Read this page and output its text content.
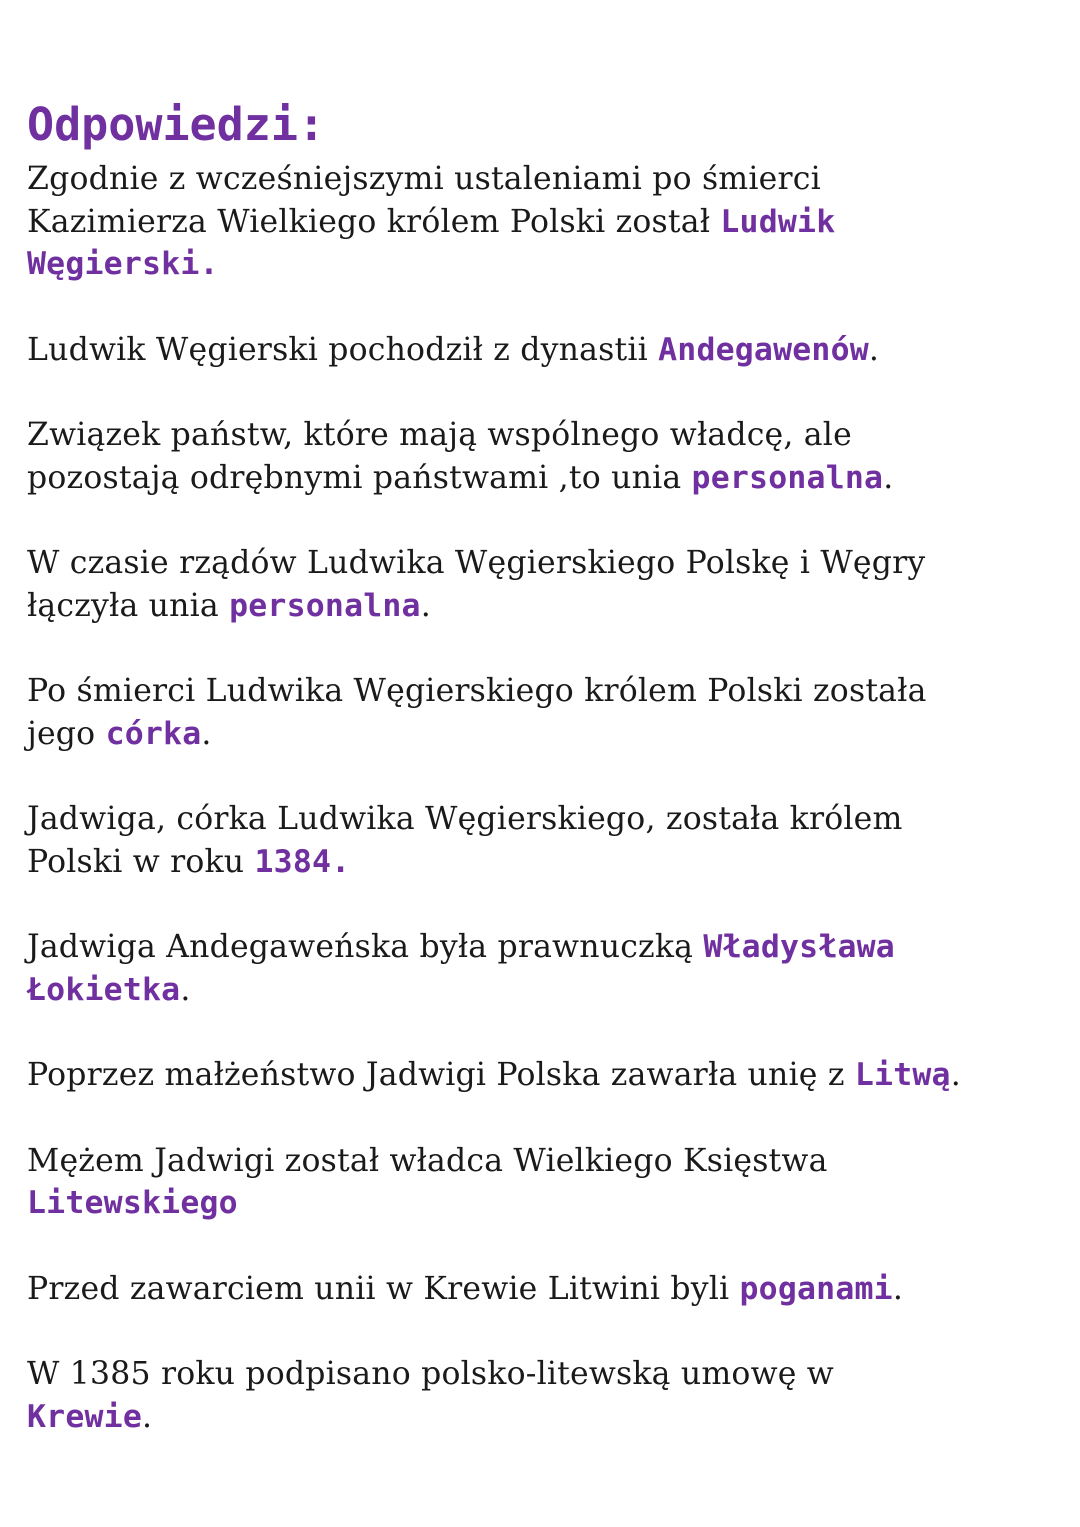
Odpowiedzi:

Zgodnie z wcześniejszymi ustaleniami po śmierci
Kazimierza Wielkiego królem Polski został Ludwik
Węgierski.

Ludwik Węgierski pochodził z dynastii Andegawenów.

Związek państw, które mają wspólnego władcę, ale
pozostają odrębnymi państwami ,to unia personalna.

W czasie rządów Ludwika Węgierskiego Polskę i Węgry
łączyła unia personalna.

Po śmierci Ludwika Węgierskiego królem Polski została
jego córka.

Jadwiga, córka Ludwika Węgierskiego, została królem
Polski w roku 1384.

Jadwiga Andegaweńska była prawnuczką Władysława
Łokietka.

Poprzez małżeństwo Jadwigi Polska zawarła unię z Litwą.

Mężem Jadwigi został władca Wielkiego Księstwa
Litewskiego

Przed zawarciem unii w Krewie Litwini byli poganami.

W 1385 roku podpisano polsko-litewską umowę w
Krewie.
